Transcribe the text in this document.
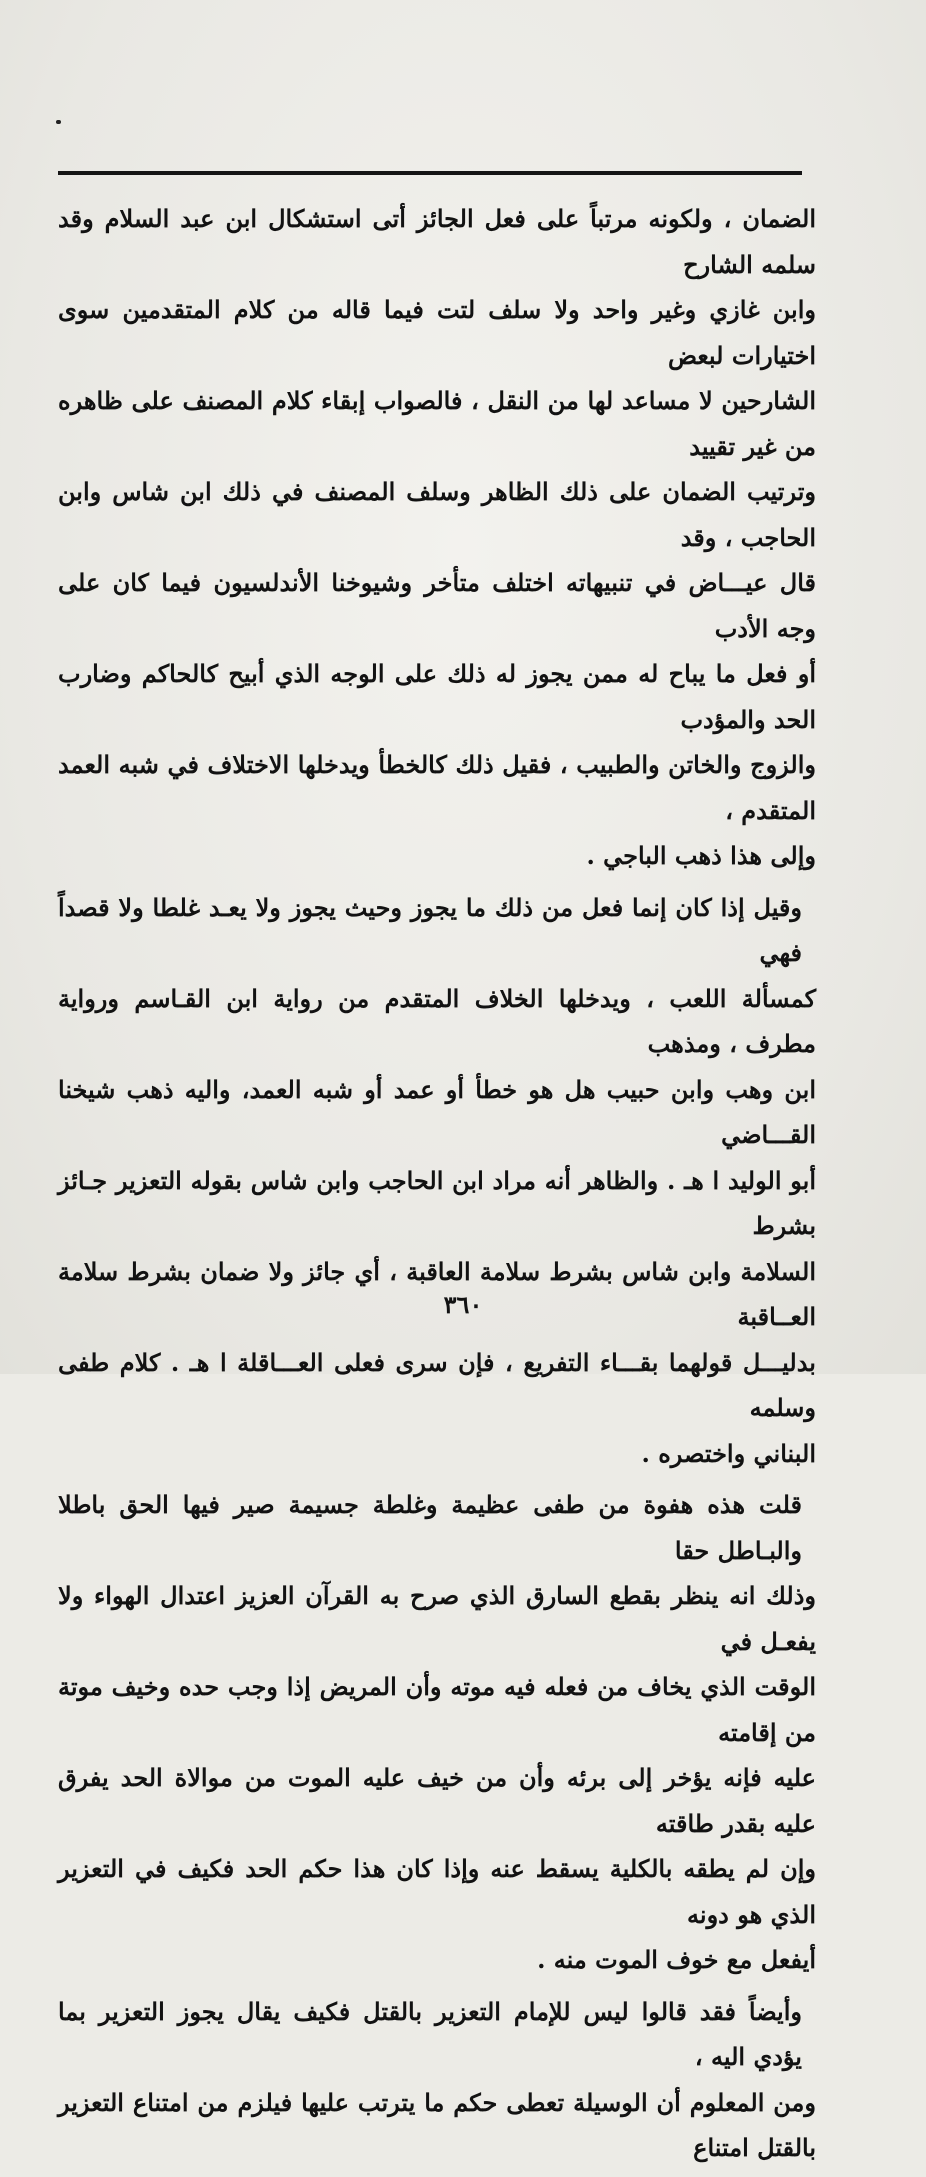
الضمان ، ولكونه مرتباً على فعل الجائز أتى استشكال ابن عبد السلام وقد سلمه الشارح

وابن غازي وغير واحد ولا سلف لتت فيما قاله من كلام المتقدمين سوى اختيارات لبعض

الشارحين لا مساعد لها من النقل ، فالصواب إبقاء كلام المصنف على ظاهره من غير تقييد

وترتيب الضمان على ذلك الظاهر وسلف المصنف في ذلك ابن شاس وابن الحاجب ، وقد

قال عيـــاض في تنبيهاته اختلف متأخر وشيوخنا الأندلسيون فيما كان على وجه الأدب

أو فعل ما يباح له ممن يجوز له ذلك على الوجه الذي أبيح كالحاكم وضارب الحد والمؤدب

والزوج والخاتن والطبيب ، فقيل ذلك كالخطأ ويدخلها الاختلاف في شبه العمد المتقدم ،

وإلى هذا ذهب الباجي .

وقيل إذا كان إنما فعل من ذلك ما يجوز وحيث يجوز ولا يعـد غلطا ولا قصداً فهي

كمسألة اللعب ، ويدخلها الخلاف المتقدم من رواية ابن القـاسم ورواية مطرف ، ومذهب

ابن وهب وابن حبيب هل هو خطأ أو عمد أو شبه العمد، واليه ذهب شيخنا القـــاضي

أبو الوليد ا هـ . والظاهر أنه مراد ابن الحاجب وابن شاس بقوله التعزير جـائز بشرط

السلامة وابن شاس بشرط سلامة العاقبة ، أي جائز ولا ضمان بشرط سلامة العــاقبة

بدليـــل قولهما بقـــاء التفريع ، فإن سرى فعلى العـــاقلة ا هـ . كلام طفى وسلمه

البناني واختصره .

قلت هذه هفوة من طفى عظيمة وغلطة جسيمة صير فيها الحق باطلا والبـاطل حقا

وذلك انه ينظر بقطع السارق الذي صرح به القرآن العزيز اعتدال الهواء ولا يفعـل في

الوقت الذي يخاف من فعله فيه موته وأن المريض إذا وجب حده وخيف موتة من إقامته

عليه فإنه يؤخر إلى برئه وأن من خيف عليه الموت من موالاة الحد يفرق عليه بقدر طاقته

وإن لم يطقه بالكلية يسقط عنه وإذا كان هذا حكم الحد فكيف في التعزير الذي هو دونه

أيفعل مع خوف الموت منه .

وأيضاً فقد قالوا ليس للإمام التعزير بالقتل فكيف يقال يجوز التعزير بما يؤدي اليه ،

ومن المعلوم أن الوسيلة تعطى حكم ما يترتب عليها فيلزم من امتناع التعزير بالقتل امتناع

٣٦٠
